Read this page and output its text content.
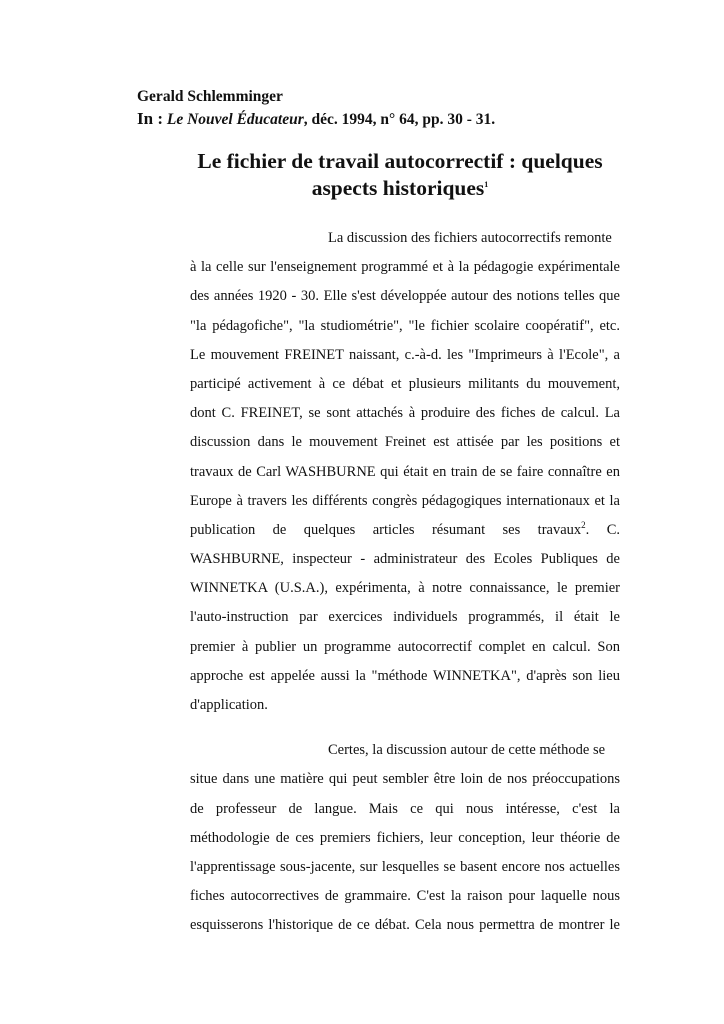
Gerald Schlemminger
In : Le Nouvel Éducateur, déc. 1994, n° 64, pp. 30 - 31.
Le fichier de travail autocorrectif : quelques
aspects historiques$^1$
La discussion des fichiers autocorrectifs remonte
à la celle sur l'enseignement programmé et à la pédagogie expérimentale
des années 1920 - 30. Elle s'est développée autour des notions telles que
"la pédagofiche", "la studiométrie", "le fichier scolaire coopératif", etc.
Le mouvement FREINET naissant, c.-à-d. les "Imprimeurs à l'Ecole", a
participé activement à ce débat et plusieurs militants du mouvement,
dont C. FREINET, se sont attachés à produire des fiches de calcul. La
discussion dans le mouvement Freinet est attisée par les positions et
travaux de Carl WASHBURNE qui était en train de se faire connaître en
Europe à travers les différents congrès pédagogiques internationaux et la
publication de quelques articles résumant ses travaux$^2$. C.
WASHBURNE, inspecteur - administrateur des Ecoles Publiques de
WINNETKA (U.S.A.), expérimenta, à notre connaissance, le premier
l'auto-instruction par exercices individuels programmés, il était le
premier à publier un programme autocorrectif complet en calcul. Son
approche est appelée aussi la "méthode WINNETKA", d'après son lieu
d'application.
Certes, la discussion autour de cette méthode se
situe dans une matière qui peut sembler être loin de nos préoccupations
de professeur de langue. Mais ce qui nous intéresse, c'est la
méthodologie de ces premiers fichiers, leur conception, leur théorie de
l'apprentissage sous-jacente, sur lesquelles se basent encore nos actuelles
fiches autocorrectives de grammaire. C'est la raison pour laquelle nous
esquisserons l'historique de ce débat. Cela nous permettra de montrer le
